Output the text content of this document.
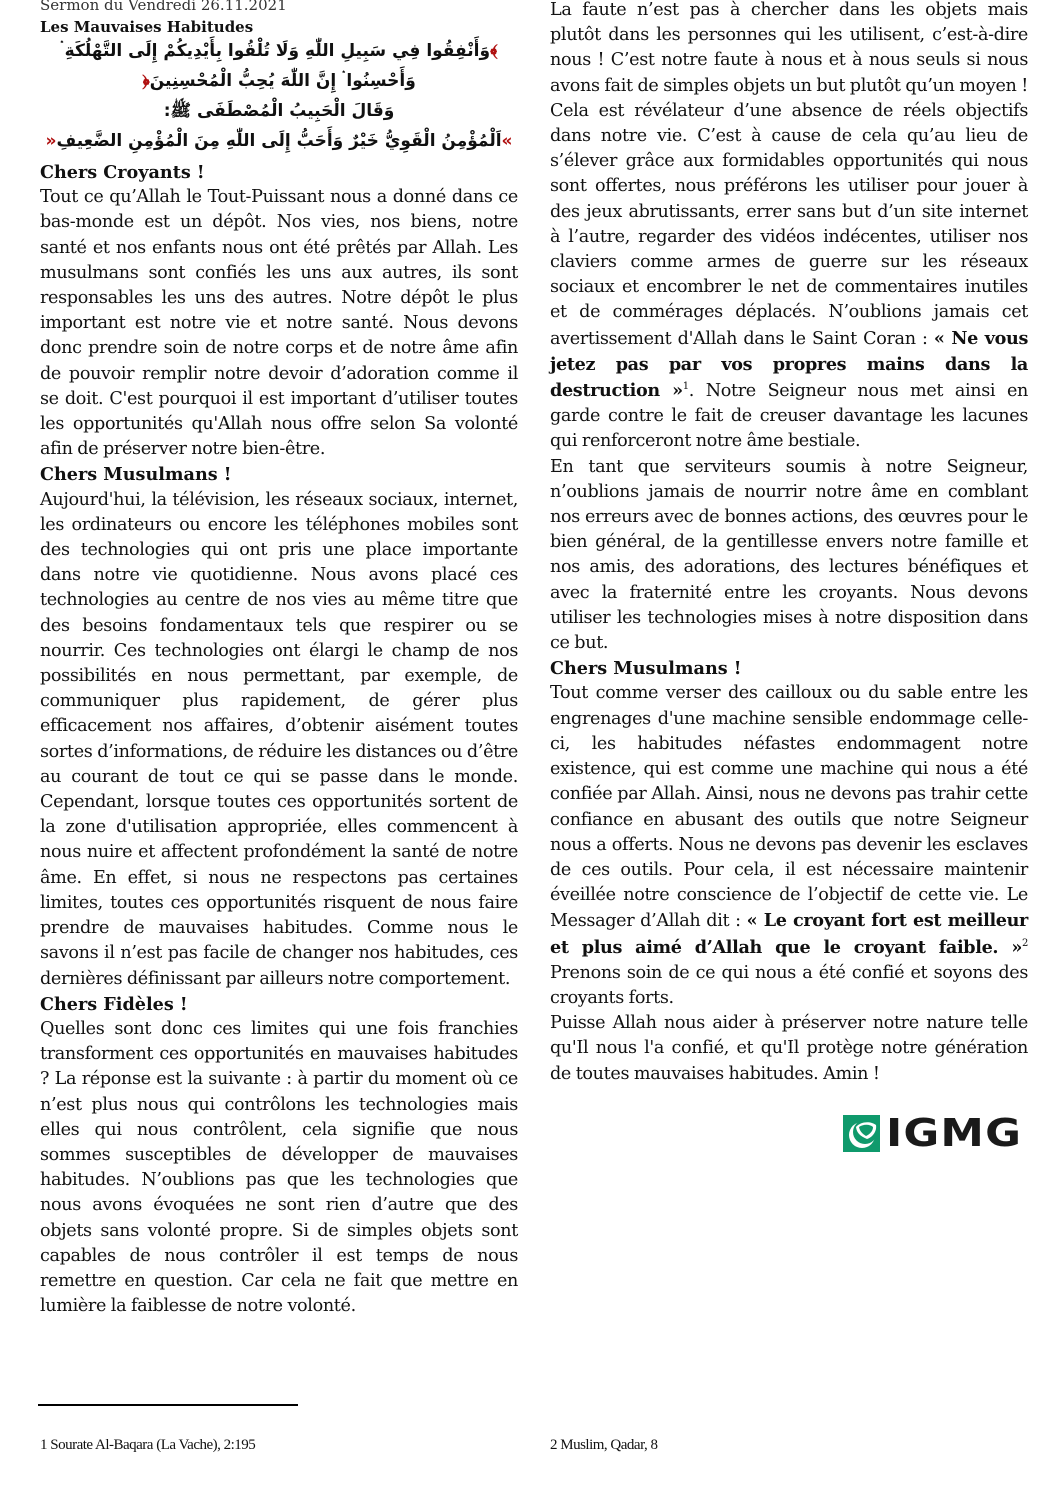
Sermon du Vendredi 26.11.2021

Les Mauvaises Habitudes

﴾وَأَنْفِقُوا فِي سَبِيلِ اللّٰهِ وَلَا تُلْقُوا بِأَيْدِيكُمْ إِلَى التَّهْلُكَةِ ۛ

وَأَحْسِنُوا ۛ إِنَّ اللّٰهَ يُحِبُّ الْمُحْسِنِينَ﴿

وَقَالَ الْحَبِيبُ الْمُصْطَفَى ﷺ:

»اَلْمُؤْمِنُ الْقَوِيُّ خَيْرٌ وَأَحَبُّ إِلَى اللّٰهِ مِنَ الْمُؤْمِنِ الضَّعِيفِ«

Chers Croyants !

Tout ce qu’Allah le Tout-Puissant nous a donné dans ce bas-monde est un dépôt. Nos vies, nos biens, notre santé et nos enfants nous ont été prêtés par Allah. Les musulmans sont confiés les uns aux autres, ils sont responsables les uns des autres. Notre dépôt le plus important est notre vie et notre santé. Nous devons donc prendre soin de notre corps et de notre âme afin de pouvoir remplir notre devoir d’adoration comme il se doit. C'est pourquoi il est important d’utiliser toutes les opportunités qu'Allah nous offre selon Sa volonté afin de préserver notre bien-être.

Chers Musulmans !

Aujourd'hui, la télévision, les réseaux sociaux, internet, les ordinateurs ou encore les téléphones mobiles sont des technologies qui ont pris une place importante dans notre vie quotidienne. Nous avons placé ces technologies au centre de nos vies au même titre que des besoins fondamentaux tels que respirer ou se nourrir. Ces technologies ont élargi le champ de nos possibilités en nous permettant, par exemple, de communiquer plus rapidement, de gérer plus efficacement nos affaires, d’obtenir aisément toutes sortes d’informations, de réduire les distances ou d’être au courant de tout ce qui se passe dans le monde. Cependant, lorsque toutes ces opportunités sortent de la zone d'utilisation appropriée, elles commencent à nous nuire et affectent profondément la santé de notre âme. En effet, si nous ne respectons pas certaines limites, toutes ces opportunités risquent de nous faire prendre de mauvaises habitudes. Comme nous le savons il n’est pas facile de changer nos habitudes, ces dernières définissant par ailleurs notre comportement.

Chers Fidèles !

Quelles sont donc ces limites qui une fois franchies transforment ces opportunités en mauvaises habitudes ? La réponse est la suivante : à partir du moment où ce n’est plus nous qui contrôlons les technologies mais elles qui nous contrôlent, cela signifie que nous sommes susceptibles de développer de mauvaises habitudes. N’oublions pas que les technologies que nous avons évoquées ne sont rien d’autre que des objets sans volonté propre. Si de simples objets sont capables de nous contrôler il est temps de nous remettre en question. Car cela ne fait que mettre en lumière la faiblesse de notre volonté.

La faute n’est pas à chercher dans les objets mais plutôt dans les personnes qui les utilisent, c’est-à-dire nous ! C’est notre faute à nous et à nous seuls si nous avons fait de simples objets un but plutôt qu’un moyen ! Cela est révélateur d’une absence de réels objectifs dans notre vie. C’est à cause de cela qu’au lieu de s’élever grâce aux formidables opportunités qui nous sont offertes, nous préférons les utiliser pour jouer à des jeux abrutissants, errer sans but d’un site internet à l’autre, regarder des vidéos indécentes, utiliser nos claviers comme armes de guerre sur les réseaux sociaux et encombrer le net de commentaires inutiles et de commérages déplacés. N’oublions jamais cet avertissement d'Allah dans le Saint Coran : « Ne vous jetez pas par vos propres mains dans la destruction »$^1$. Notre Seigneur nous met ainsi en garde contre le fait de creuser davantage les lacunes qui renforceront notre âme bestiale.

En tant que serviteurs soumis à notre Seigneur, n’oublions jamais de nourrir notre âme en comblant nos erreurs avec de bonnes actions, des œuvres pour le bien général, de la gentillesse envers notre famille et nos amis, des adorations, des lectures bénéfiques et avec la fraternité entre les croyants. Nous devons utiliser les technologies mises à notre disposition dans ce but.

Chers Musulmans !

Tout comme verser des cailloux ou du sable entre les engrenages d'une machine sensible endommage celle-ci, les habitudes néfastes endommagent notre existence, qui est comme une machine qui nous a été confiée par Allah. Ainsi, nous ne devons pas trahir cette confiance en abusant des outils que notre Seigneur nous a offerts. Nous ne devons pas devenir les esclaves de ces outils. Pour cela, il est nécessaire maintenir éveillée notre conscience de l’objectif de cette vie. Le Messager d’Allah dit : « Le croyant fort est meilleur et plus aimé d’Allah que le croyant faible. »$^2$ Prenons soin de ce qui nous a été confié et soyons des croyants forts.

Puisse Allah nous aider à préserver notre nature telle qu'Il nous l'a confié, et qu'Il protège notre génération de toutes mauvaises habitudes. Amin !

IGMG
1 Sourate Al-Baqara (La Vache), 2:195	2 Muslim, Qadar, 8
